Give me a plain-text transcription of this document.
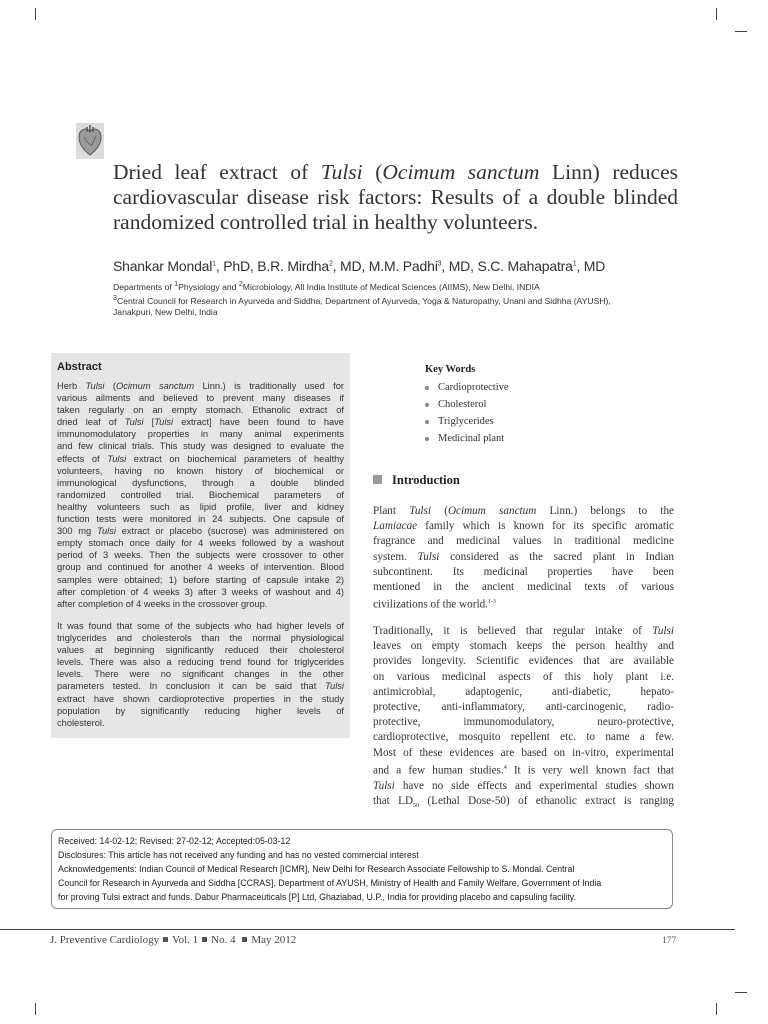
Dried leaf extract of Tulsi (Ocimum sanctum Linn) reduces cardiovascular disease risk factors: Results of a double blinded randomized controlled trial in healthy volunteers.
Shankar Mondal$^1$, PhD, B.R. Mirdha$^2$, MD, M.M. Padhi$^3$, MD, S.C. Mahapatra$^1$, MD
Departments of $^1$Physiology and $^2$Microbiology, All India Institute of Medical Sciences (AIIMS), New Delhi, INDIA
$^3$Central Council for Research in Ayurveda and Siddha, Department of Ayurveda, Yoga & Naturopathy, Unani and Sidhha (AYUSH),
Janakpuri, New Delhi, India
Abstract
Herb Tulsi (Ocimum sanctum Linn.) is traditionally used for
various ailments and believed to prevent many diseases if
taken regularly on an empty stomach. Ethanolic extract of
dried leaf of Tulsi [Tulsi extract] have been found to have
immunomodulatory properties in many animal experiments
and few clinical trials. This study was designed to evaluate the
effects of Tulsi extract on biochemical parameters of healthy
volunteers, having no known history of biochemical or
immunological dysfunctions, through a double blinded
randomized controlled trial. Biochemical parameters of
healthy volunteers such as lipid profile, liver and kidney
function tests were monitored in 24 subjects. One capsule of
300 mg Tulsi extract or placebo (sucrose) was administered on
empty stomach once daily for 4 weeks followed by a washout
period of 3 weeks. Then the subjects were crossover to other
group and continued for another 4 weeks of intervention. Blood
samples were obtained; 1) before starting of capsule intake 2)
after completion of 4 weeks 3) after 3 weeks of washout and 4)
after completion of 4 weeks in the crossover group.
It was found that some of the subjects who had higher levels of
triglycerides and cholesterols than the normal physiological
values at beginning significantly reduced their cholesterol
levels. There was also a reducing trend found for triglycerides
levels. There were no significant changes in the other
parameters tested. In conclusion it can be said that Tulsi
extract have shown cardioprotective properties in the study
population by significantly reducing higher levels of
cholesterol.
Key Words
Cardioprotective
Cholesterol
Triglycerides
Medicinal plant
Introduction
Plant Tulsi (Ocimum sanctum Linn.) belongs to the
Lamiacae family which is known for its specific aromatic
fragrance and medicinal values in traditional medicine
system. Tulsi considered as the sacred plant in Indian
subcontinent. Its medicinal properties have been
mentioned in the ancient medicinal texts of various
civilizations of the world.$^{1-3}$
Traditionally, it is believed that regular intake of Tulsi
leaves on empty stomach keeps the person healthy and
provides longevity. Scientific evidences that are available
on various medicinal aspects of this holy plant i.e.
antimicrobial, adaptogenic, anti-diabetic, hepato-
protective, anti-inflammatory, anti-carcinogenic, radio-
protective, immunomodulatory, neuro-protective,
cardioprotective, mosquito repellent etc. to name a few.
Most of these evidences are based on in-vitro, experimental
and a few human studies.$^4$ It is very well known fact that
Tulsi have no side effects and experimental studies shown
that $LD_{50}$ (Lethal Dose-50) of ethanolic extract is ranging
Received: 14-02-12; Revised: 27-02-12; Accepted:05-03-12
Disclosures: This article has not received any funding and has no vested commercial interest
Acknowledgements: Indian Council of Medical Research [ICMR], New Delhi for Research Associate Fellowship to S. Mondal. Central
Council for Research in Ayurveda and Siddha [CCRAS], Department of AYUSH, Ministry of Health and Family Welfare, Government of India
for proving Tulsi extract and funds. Dabur Pharmaceuticals [P] Ltd, Ghaziabad, U.P., India for providing placebo and capsuling facility.
J. Preventive Cardiology Vol. 1 No. 4 May 2012	177
